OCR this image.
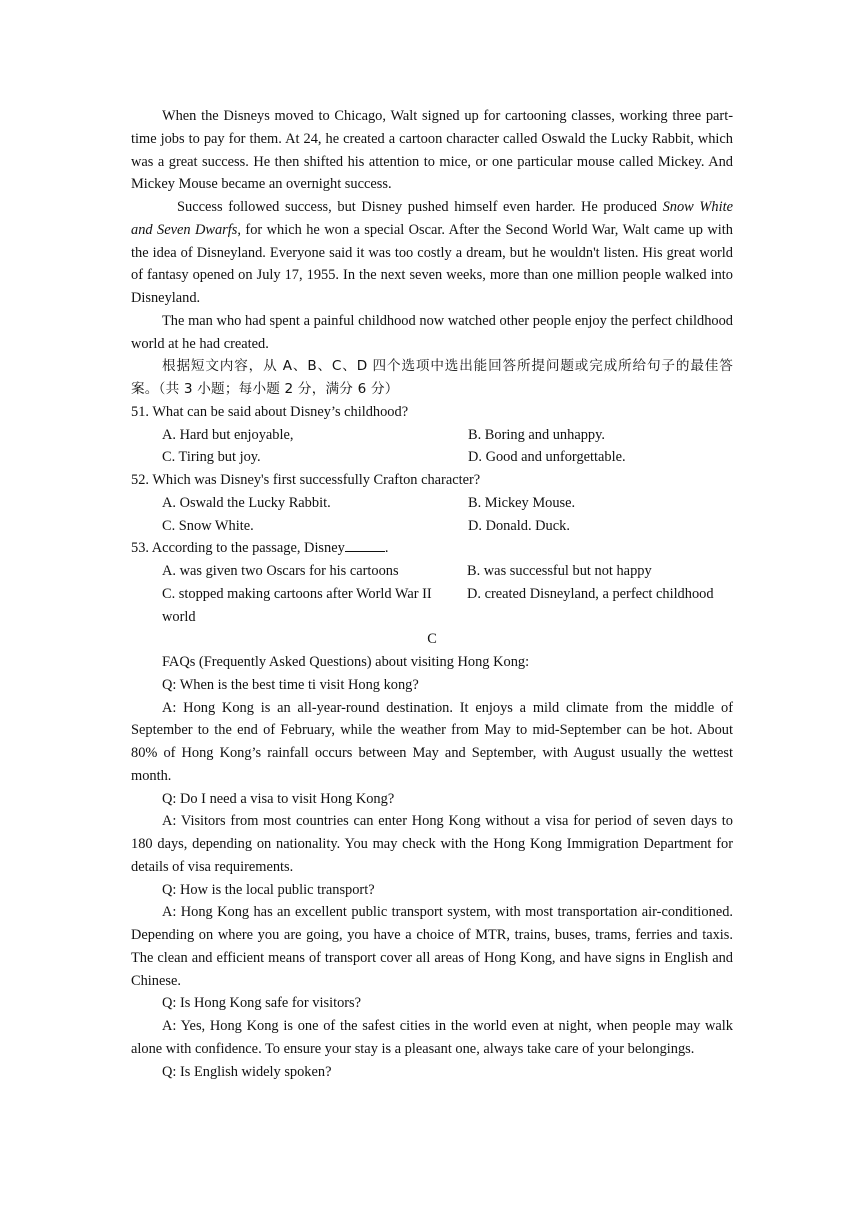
When the Disneys moved to Chicago, Walt signed up for cartooning classes, working three part-time jobs to pay for them. At 24, he created a cartoon character called Oswald the Lucky Rabbit, which was a great success. He then shifted his attention to mice, or one particular mouse called Mickey. And Mickey Mouse became an overnight success.

Success followed success, but Disney pushed himself even harder. He produced Snow White and Seven Dwarfs, for which he won a special Oscar. After the Second World War, Walt came up with the idea of Disneyland. Everyone said it was too costly a dream, but he wouldn't listen. His great world of fantasy opened on July 17, 1955. In the next seven weeks, more than one million people walked into Disneyland.

The man who had spent a painful childhood now watched other people enjoy the perfect childhood world at he had created.

根据短文内容，从 A、B、C、D 四个选项中选出能回答所提问题或完成所给句子的最佳答案。（共 3 小题；每小题 2 分，满分 6 分）

51. What can be said about Disney’s childhood?

A. Hard but enjoyable,	B. Boring and unhappy.
C. Tiring but joy.	D. Good and unforgettable.

52. Which was Disney's first successfully Crafton character?

A. Oswald the Lucky Rabbit.	B. Mickey Mouse.
C. Snow White.	D. Donald. Duck.

53. According to the passage, Disney	.

A. was given two Oscars for his cartoons	B. was successful but not happy
C. stopped making cartoons after World War II	D. created Disneyland, a perfect childhood
world

C

FAQs (Frequently Asked Questions) about visiting Hong Kong:

Q: When is the best time ti visit Hong kong?

A: Hong Kong is an all-year-round destination. It enjoys a mild climate from the middle of September to the end of February, while the weather from May to mid-September can be hot. About 80% of Hong Kong’s rainfall occurs between May and September, with August usually the wettest month.

Q: Do I need a visa to visit Hong Kong?

A: Visitors from most countries can enter Hong Kong without a visa for period of seven days to 180 days, depending on nationality. You may check with the Hong Kong Immigration Department for details of visa requirements.

Q: How is the local public transport?

A: Hong Kong has an excellent public transport system, with most transportation air-conditioned. Depending on where you are going, you have a choice of MTR, trains, buses, trams, ferries and taxis. The clean and efficient means of transport cover all areas of Hong Kong, and have signs in English and Chinese.

Q: Is Hong Kong safe for visitors?

A: Yes, Hong Kong is one of the safest cities in the world even at night, when people may walk alone with confidence. To ensure your stay is a pleasant one, always take care of your belongings.

Q: Is English widely spoken?
